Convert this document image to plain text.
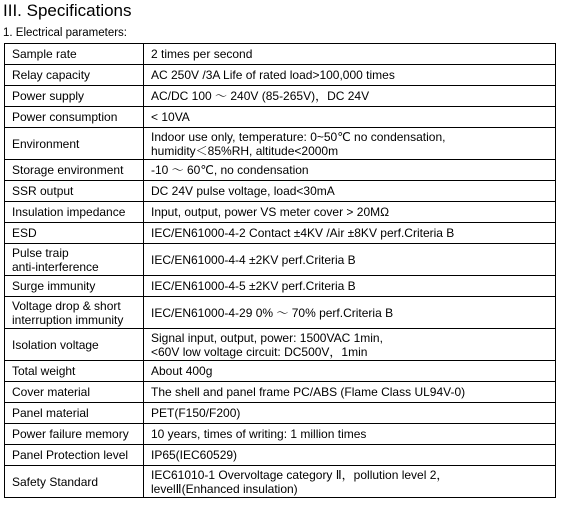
III. Specifications
1. Electrical parameters:
Sample rate	2 times per second
Relay capacity	AC 250V /3A Life of rated load>100,000 times
Power supply	AC/DC 100 ～ 240V (85-265V)，DC 24V
Power consumption	< 10VA
Environment	Indoor use only, temperature: 0~50℃ no condensation,
humidity＜85%RH, altitude<2000m

Storage environment	-10 ～ 60℃, no condensation
SSR output	DC 24V pulse voltage, load<30mA
Insulation impedance	Input, output, power VS meter cover > 20MΩ
ESD	IEC/EN61000-4-2 Contact ±4KV /Air ±8KV perf.Criteria B

Pulse traip
anti-interference	IEC/EN61000-4-4 ±2KV perf.Criteria B
Surge immunity	IEC/EN61000-4-5 ±2KV perf.Criteria B

Voltage drop & short
interruption immunity	IEC/EN61000-4-29 0% ～ 70% perf.Criteria B
Isolation voltage	Signal input, output, power: 1500VAC 1min,
<60V low voltage circuit: DC500V，1min

Total weight	About 400g
Cover material	The shell and panel frame PC/ABS (Flame Class UL94V-0)
Panel material	PET(F150/F200)
Power failure memory	10 years, times of writing: 1 million times
Panel Protection level	IP65(IEC60529)
Safety Standard	IEC61010-1 Overvoltage category Ⅱ，pollution level 2，
levelⅡ(Enhanced insulation)
